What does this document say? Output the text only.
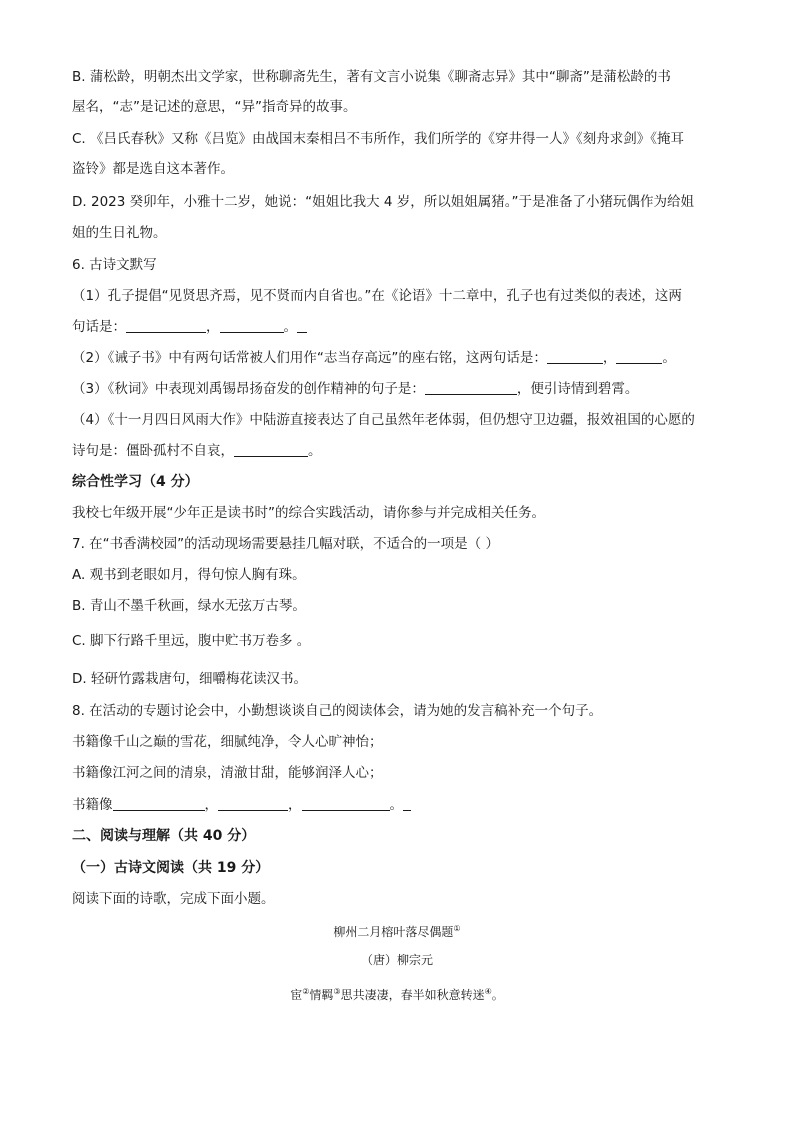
B. 蒲松龄，明朝杰出文学家，世称聊斋先生，著有文言小说集《聊斋志异》其中“聊斋”是蒲松龄的书
屋名，“志”是记述的意思，“异”指奇异的故事。
C. 《吕氏春秋》又称《吕览》由战国末秦相吕不韦所作，我们所学的《穿井得一人》《刻舟求剑》《掩耳
盗铃》都是选自这本著作。
D. 2023 癸卯年，小雅十二岁，她说：“姐姐比我大 4 岁，所以姐姐属猪。”于是准备了小猪玩偶作为给姐
姐的生日礼物。
6. 古诗文默写
（1）孔子提倡“见贤思齐焉，见不贤而内自省也。”在《论语》十二章中，孔子也有过类似的表述，这两
句话是：	，	。
（2）《诫子书》中有两句话常被人们用作“志当存高远”的座右铭，这两句话是：	，	。
（3）《秋词》中表现刘禹锡昂扬奋发的创作精神的句子是：	，便引诗情到碧霄。
（4）《十一月四日风雨大作》中陆游直接表达了自己虽然年老体弱，但仍想守卫边疆，报效祖国的心愿的
诗句是：僵卧孤村不自哀，	。
综合性学习（4 分）
我校七年级开展“少年正是读书时”的综合实践活动，请你参与并完成相关任务。
7. 在“书香满校园”的活动现场需要悬挂几幅对联，不适合的一项是（ ）
A. 观书到老眼如月，得句惊人胸有珠。
B. 青山不墨千秋画，绿水无弦万古琴。
C. 脚下行路千里远，腹中贮书万卷多 。
D. 轻研竹露栽唐句，细嚼梅花读汉书。
8. 在活动的专题讨论会中，小勤想谈谈自己的阅读体会，请为她的发言稿补充一个句子。
书籍像千山之巅的雪花，细腻纯净，令人心旷神怡；
书籍像江河之间的清泉，清澈甘甜，能够润泽人心；
书籍像	，	，	。
二、阅读与理解（共 40 分）
（一）古诗文阅读（共 19 分）
阅读下面的诗歌，完成下面小题。
柳州二月榕叶落尽偶题①
（唐）柳宗元
宦②情羁③思共凄凄，春半如秋意转迷④。
